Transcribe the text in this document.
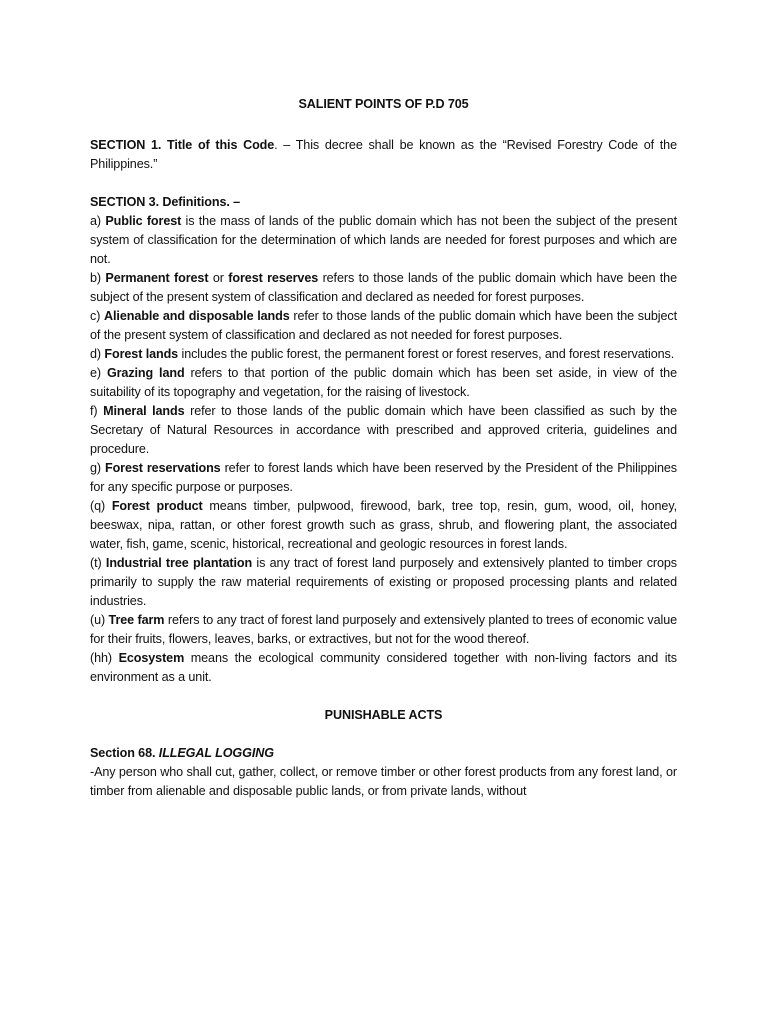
SALIENT POINTS OF P.D 705

SECTION 1. Title of this Code. – This decree shall be known as the “Revised Forestry Code of the Philippines.”

SECTION 3. Definitions. –

a) Public forest is the mass of lands of the public domain which has not been the subject of the present system of classification for the determination of which lands are needed for forest purposes and which are not.

b) Permanent forest or forest reserves refers to those lands of the public domain which have been the subject of the present system of classification and declared as needed for forest purposes.

c) Alienable and disposable lands refer to those lands of the public domain which have been the subject of the present system of classification and declared as not needed for forest purposes.

d) Forest lands includes the public forest, the permanent forest or forest reserves, and forest reservations.

e) Grazing land refers to that portion of the public domain which has been set aside, in view of the suitability of its topography and vegetation, for the raising of livestock.

f) Mineral lands refer to those lands of the public domain which have been classified as such by the Secretary of Natural Resources in accordance with prescribed and approved criteria, guidelines and procedure.

g) Forest reservations refer to forest lands which have been reserved by the President of the Philippines for any specific purpose or purposes.

(q) Forest product means timber, pulpwood, firewood, bark, tree top, resin, gum, wood, oil, honey, beeswax, nipa, rattan, or other forest growth such as grass, shrub, and flowering plant, the associated water, fish, game, scenic, historical, recreational and geologic resources in forest lands.

(t) Industrial tree plantation is any tract of forest land purposely and extensively planted to timber crops primarily to supply the raw material requirements of existing or proposed processing plants and related industries.

(u) Tree farm refers to any tract of forest land purposely and extensively planted to trees of economic value for their fruits, flowers, leaves, barks, or extractives, but not for the wood thereof.

(hh) Ecosystem means the ecological community considered together with non-living factors and its environment as a unit.

PUNISHABLE ACTS

Section 68. ILLEGAL LOGGING

-Any person who shall cut, gather, collect, or remove timber or other forest products from any forest land, or timber from alienable and disposable public lands, or from private lands, without
